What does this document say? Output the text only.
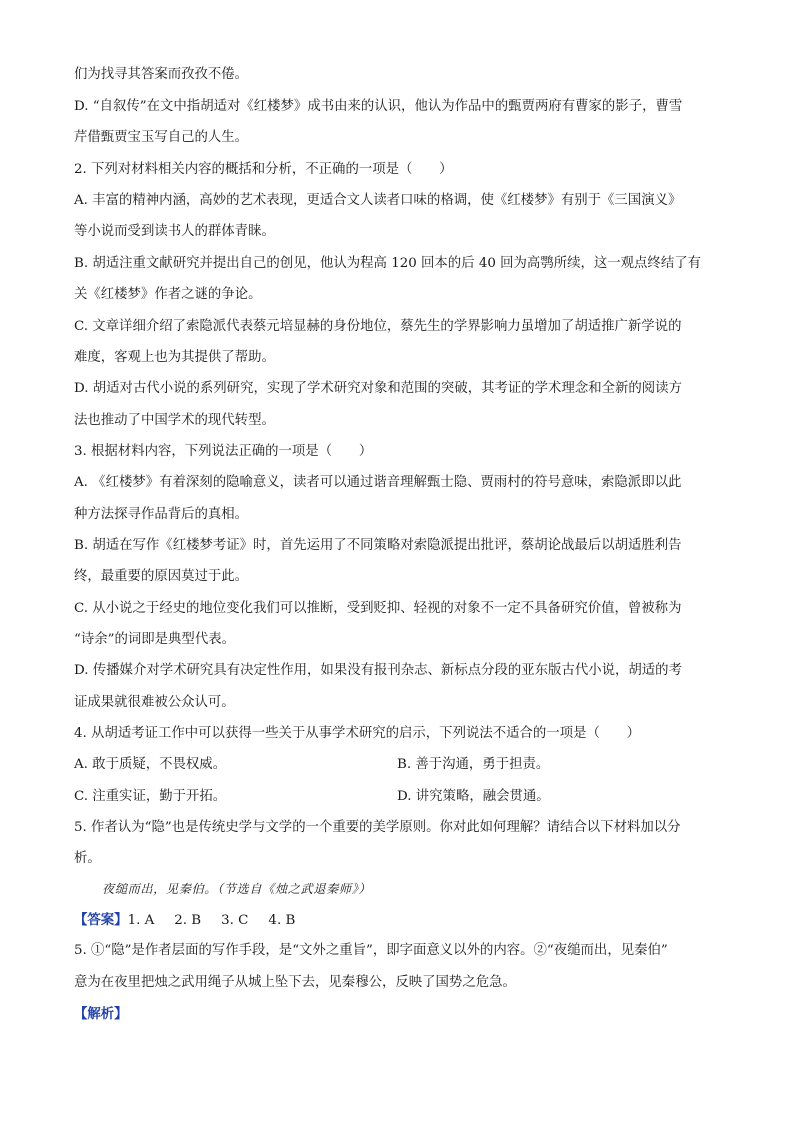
们为找寻其答案而孜孜不倦。
D. “自叙传”在文中指胡适对《红楼梦》成书由来的认识，他认为作品中的甄贾两府有曹家的影子，曹雪
芹借甄贾宝玉写自己的人生。
2. 下列对材料相关内容的概括和分析，不正确的一项是（　　）
A. 丰富的精神内涵，高妙的艺术表现，更适合文人读者口味的格调，使《红楼梦》有别于《三国演义》
等小说而受到读书人的群体青睐。
B. 胡适注重文献研究并提出自己的创见，他认为程高 120 回本的后 40 回为高鹗所续，这一观点终结了有
关《红楼梦》作者之谜的争论。
C. 文章详细介绍了索隐派代表蔡元培显赫的身份地位，蔡先生的学界影响力虽增加了胡适推广新学说的
难度，客观上也为其提供了帮助。
D. 胡适对古代小说的系列研究，实现了学术研究对象和范围的突破，其考证的学术理念和全新的阅读方
法也推动了中国学术的现代转型。
3. 根据材料内容，下列说法正确的一项是（　　）
A. 《红楼梦》有着深刻的隐喻意义，读者可以通过谐音理解甄士隐、贾雨村的符号意味，索隐派即以此
种方法探寻作品背后的真相。
B. 胡适在写作《红楼梦考证》时，首先运用了不同策略对索隐派提出批评，蔡胡论战最后以胡适胜利告
终，最重要的原因莫过于此。
C. 从小说之于经史的地位变化我们可以推断，受到贬抑、轻视的对象不一定不具备研究价值，曾被称为
“诗余”的词即是典型代表。
D. 传播媒介对学术研究具有决定性作用，如果没有报刊杂志、新标点分段的亚东版古代小说，胡适的考
证成果就很难被公众认可。
4. 从胡适考证工作中可以获得一些关于从事学术研究的启示，下列说法不适合的一项是（　　）
A. 敢于质疑，不畏权威。	B. 善于沟通，勇于担责。
C. 注重实证，勤于开拓。	D. 讲究策略，融会贯通。
5. 作者认为“隐”也是传统史学与文学的一个重要的美学原则。你对此如何理解？请结合以下材料加以分
析。
夜缒而出，见秦伯。（节选自《烛之武退秦师》）
【答案】1. A 2. B 3. C 4. B
5. ①“隐”是作者层面的写作手段，是“文外之重旨”，即字面意义以外的内容。②“夜缒而出，见秦伯”
意为在夜里把烛之武用绳子从城上坠下去，见秦穆公，反映了国势之危急。
【解析】
